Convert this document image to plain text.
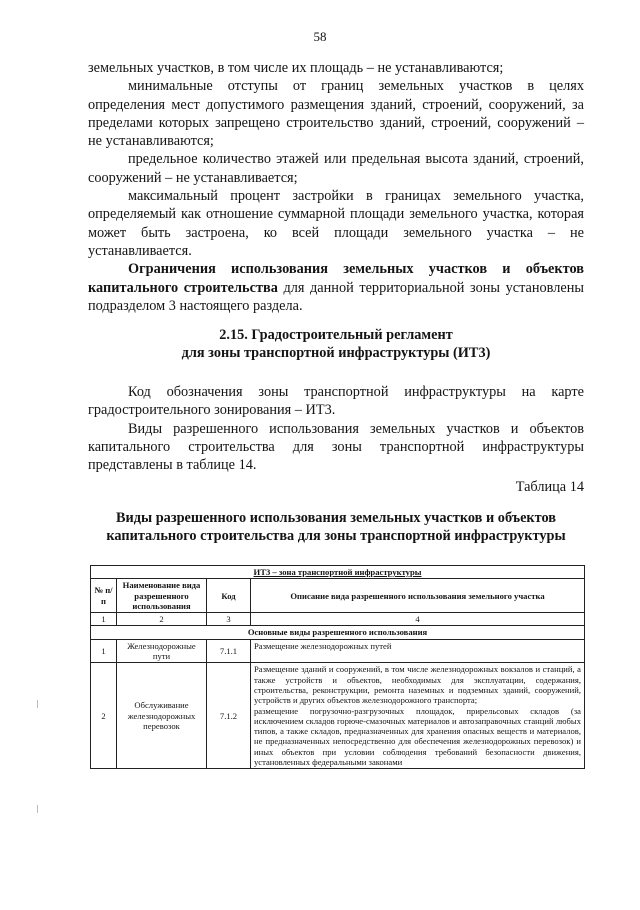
58

земельных участков, в том числе их площадь – не устанавливаются;

минимальные отступы от границ земельных участков в целях определения мест допустимого размещения зданий, строений, сооружений, за пределами которых запрещено строительство зданий, строений, сооружений – не устанавливаются;

предельное количество этажей или предельная высота зданий, строений, сооружений – не устанавливается;

максимальный процент застройки в границах земельного участка, определяемый как отношение суммарной площади земельного участка, которая может быть застроена, ко всей площади земельного участка – не устанавливается.

Ограничения использования земельных участков и объектов капитального строительства для данной территориальной зоны установлены подразделом 3 настоящего раздела.

2.15. Градостроительный регламент
для зоны транспортной инфраструктуры (ИТ3)

Код обозначения зоны транспортной инфраструктуры на карте градостроительного зонирования – ИТ3.

Виды разрешенного использования земельных участков и объектов капитального строительства для зоны транспортной инфраструктуры представлены в таблице 14.

Таблица 14
Виды разрешенного использования земельных участков и объектов капитального строительства для зоны транспортной инфраструктуры
ИТ3 – зона транспортной инфраструктуры			
№ п/п	Наименование вида разрешенного использования	Код	Описание вида разрешенного использования земельного участка
1	2	3	4
Основные виды разрешенного использования			
1	Железнодорожные пути	7.1.1	Размещение железнодорожных путей

2	Обслуживание железнодорожных перевозок	7.1.2	Размещение зданий и сооружений, в том числе железнодорожных вокзалов и станций, а также устройств и объектов, необходимых для эксплуатации, содержания, строительства, реконструкции, ремонта наземных и подземных зданий, сооружений, устройств и других объектов железнодорожного транспорта;
размещение погрузочно-разгрузочных площадок, прирельсовых складов (за исключением складов горюче-смазочных материалов и автозаправочных станций любых типов, а также складов, предназначенных для хранения опасных веществ и материалов, не предназначенных непосредственно для обеспечения железнодорожных перевозок) и иных объектов при условии соблюдения требований безопасности движения, установленных федеральными законами
